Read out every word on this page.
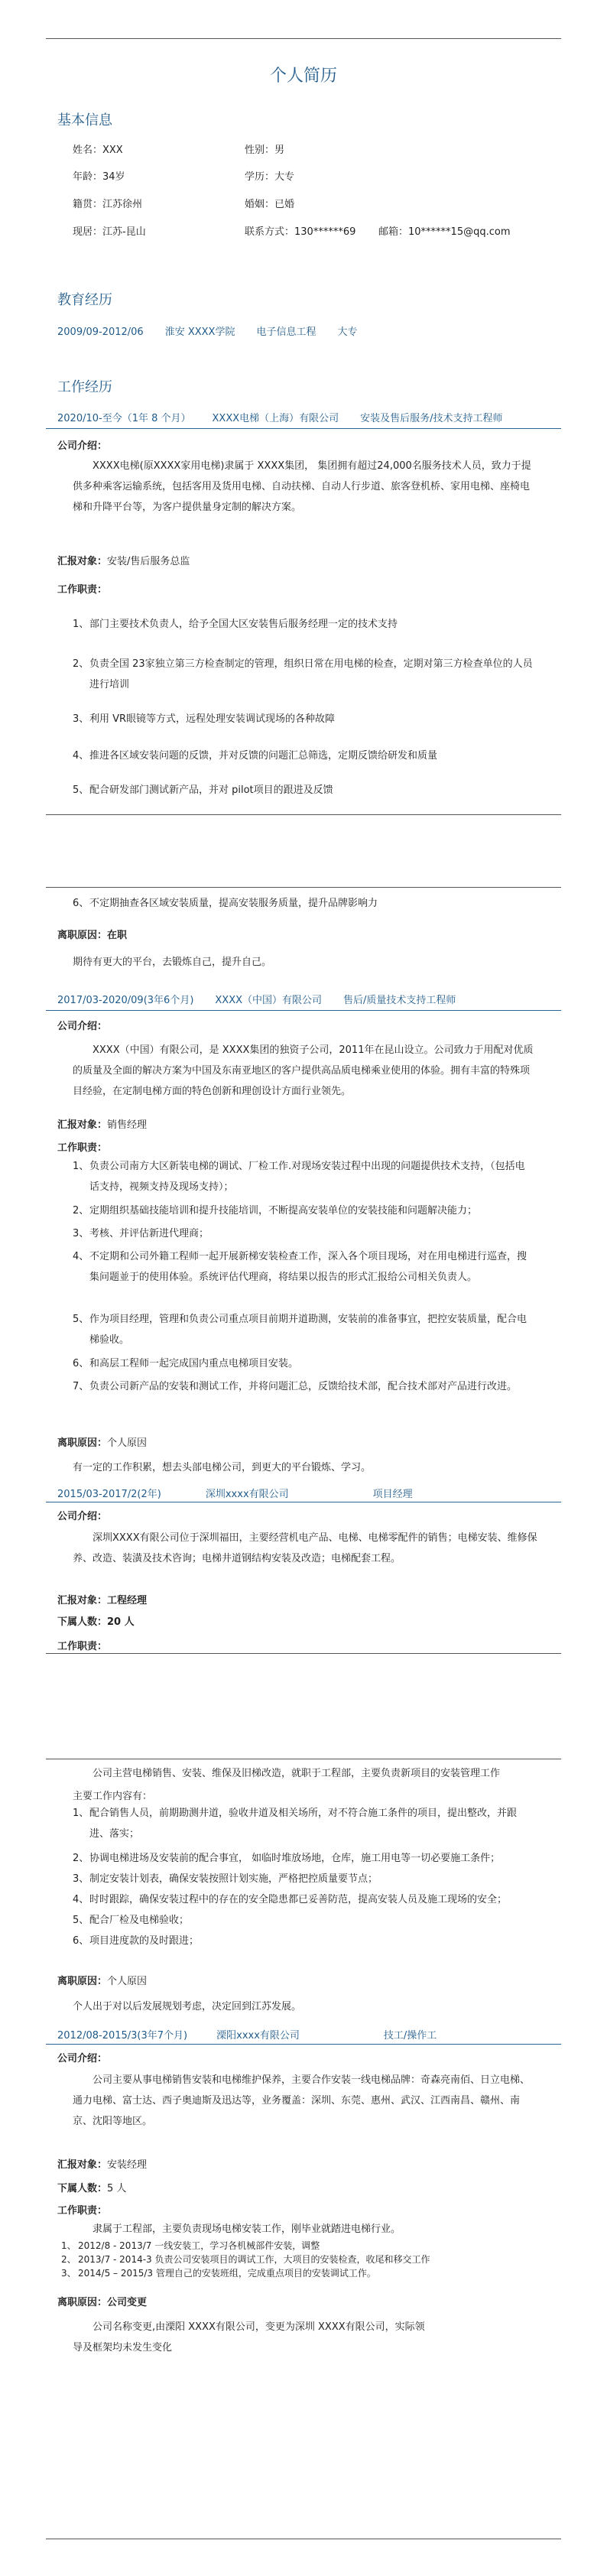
个人简历
基本信息
姓名：XXX	性别：男
年龄：34岁	学历：大专
籍贯：江苏徐州	婚姻：已婚
现居：江苏-昆山	联系方式：130******69 邮箱：10******15@qq.com
教育经历
2009/09-2012/06 淮安 XXXX学院 电子信息工程 大专
工作经历
2020/10-至今（1年 8 个月） XXXX电梯（上海）有限公司 安装及售后服务/技术支持工程师
公司介绍：
XXXX电梯(原XXXX家用电梯)隶属于 XXXX集团， 集团拥有超过24,000名服务技术人员，致力于提供多种乘客运输系统，包括客用及货用电梯、自动扶梯、自动人行步道、旅客登机桥、家用电梯、座椅电梯和升降平台等，为客户提供量身定制的解决方案。
汇报对象：安装/售后服务总监
工作职责：
1、部门主要技术负责人，给予全国大区安装售后服务经理一定的技术支持
2、负责全国 23家独立第三方检查制定的管理，组织日常在用电梯的检查，定期对第三方检查单位的人员进行培训
3、利用 VR眼镜等方式，远程处理安装调试现场的各种故障
4、推进各区域安装问题的反馈，并对反馈的问题汇总筛选，定期反馈给研发和质量
5、配合研发部门测试新产品，并对 pilot项目的跟进及反馈
6、不定期抽查各区域安装质量，提高安装服务质量，提升品牌影响力
离职原因：在职
期待有更大的平台，去锻炼自己，提升自己。
2017/03-2020/09(3年6个月) XXXX（中国）有限公司 售后/质量技术支持工程师
公司介绍：
XXXX（中国）有限公司，是 XXXX集团的独资子公司，2011年在昆山设立。公司致力于用配对优质的质量及全面的解决方案为中国及东南亚地区的客户提供高品质电梯乘业使用的体验。拥有丰富的特殊项目经验，在定制电梯方面的特色创新和理创设计方面行业领先。
汇报对象：销售经理
工作职责：
1、负责公司南方大区新装电梯的调试、厂检工作.对现场安装过程中出现的问题提供技术支持，（包括电话支持，视频支持及现场支持）；
2、定期组织基础技能培训和提升技能培训，不断提高安装单位的安装技能和问题解决能力；
3、考核、并评估新进代理商；
4、不定期和公司外籍工程师一起开展新梯安装检查工作，深入各个项目现场，对在用电梯进行巡查，搜集问题並于的使用体验。系统评估代理商，将结果以报告的形式汇报给公司相关负责人。
5、作为项目经理，管理和负责公司重点项目前期并道勘测，安装前的准备事宜，把控安装质量，配合电梯验收。
6、和高层工程师一起完成国内重点电梯项目安装。
7、负责公司新产品的安装和测试工作，并将问题汇总，反馈给技术部，配合技术部对产品进行改进。
离职原因：个人原因
有一定的工作积累，想去头部电梯公司，到更大的平台锻炼、学习。
2015/03-2017/2(2年)	深圳xxxx有限公司	项目经理
公司介绍：
深圳XXXX有限公司位于深圳福田，主要经营机电产品、电梯、电梯零配件的销售；电梯安装、维修保养、改造、装潢及技术咨询；电梯井道钢结构安装及改造；电梯配套工程。
汇报对象：工程经理
下属人数：20 人
工作职责：
公司主营电梯销售、安装、维保及旧梯改造，就职于工程部，主要负责新项目的安装管理工作
主要工作内容有：
1、配合销售人员，前期勘测井道，验收井道及相关场所，对不符合施工条件的项目，提出整改，并跟进、落实；
2、协调电梯进场及安装前的配合事宜， 如临时堆放场地，仓库，施工用电等一切必要施工条件；
3、制定安装计划表，确保安装按照计划实施，严格把控质量要节点；
4、时时跟踪，确保安装过程中的存在的安全隐患都已妥善防范，提高安装人员及施工现场的安全；
5、配合厂检及电梯验收；
6、项目进度款的及时跟进；
离职原因：个人原因
个人出于对以后发展规划考虑，决定回到江苏发展。
2012/08-2015/3(3年7个月)	溧阳xxxx有限公司	技工/操作工
公司介绍：
公司主要从事电梯销售安装和电梯维护保养，主要合作安装一线电梯品牌：奇森亮南佰、日立电梯、通力电梯、富士达、西子奥迪斯及迅达等，业务覆盖：深圳、东莞、惠州、武汉、江西南昌、赣州、南京、沈阳等地区。
汇报对象：安装经理
下属人数：5 人
工作职责：
隶属于工程部，主要负责现场电梯安装工作，刚毕业就踏进电梯行业。
1、 2012/8 - 2013/7 一线安装工，学习各机械部件安装，调整
2、 2013/7 - 2014-3 负责公司安装项目的调试工作，大项目的安装检查，收尾和移交工作
3、 2014/5 – 2015/3 管理自己的安装班组，完成重点项目的安装调试工作。
离职原因：公司变更
公司名称变更,由溧阳 XXXX有限公司，变更为深圳 XXXX有限公司，实际领导及框架均未发生变化
